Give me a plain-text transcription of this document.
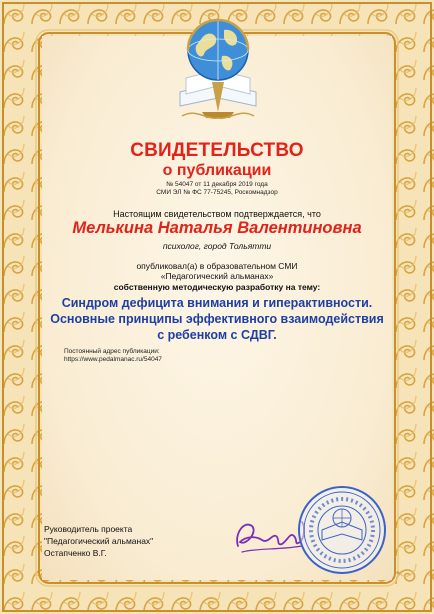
СВИДЕТЕЛЬСТВО
о публикации
№ 54047 от 11 декабря 2019 года
СМИ ЭЛ № ФС 77-75245, Роскомнадзор
Настоящим свидетельством подтверждается, что
Мелькина Наталья Валентиновна
психолог, город Тольятти
опубликовал(а) в образовательном СМИ
«Педагогический альманах»
собственную методическую разработку на тему:
Синдром дефицита внимания и гиперактивности.
Основные принципы эффективного взаимодействия
с ребенком с СДВГ.
Постоянный адрес публикации:
https://www.pedalmanac.ru/54047
Руководитель проекта
"Педагогический альманах"
Остапченко В.Г.
◆
